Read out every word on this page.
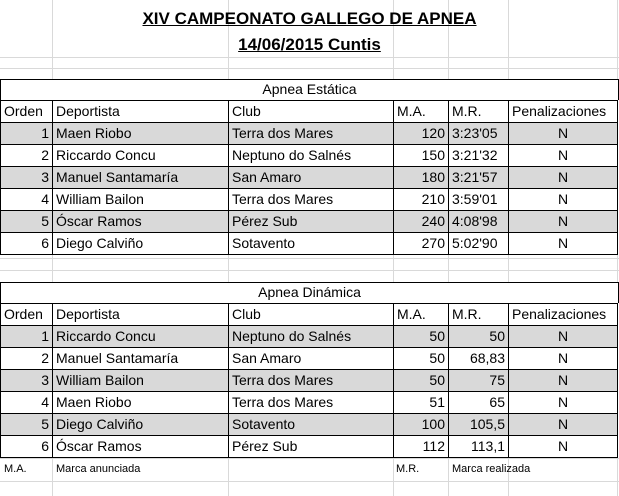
XIV CAMPEONATO GALLEGO DE APNEA
14/06/2015 Cuntis
Apnea Estática
Orden	Deportista	Club	M.A.	M.R.	Penalizaciones
1	Maen Riobo	Terra dos Mares	120	3:23'05	N
2	Riccardo Concu	Neptuno do Salnés	150	3:21'32	N
3	Manuel Santamaría	San Amaro	180	3:21'57	N
4	William Bailon	Terra dos Mares	210	3:59'01	N
5	Óscar Ramos	Pérez Sub	240	4:08'98	N
6	Diego Calviño	Sotavento	270	5:02'90	N
Apnea Dinámica
Orden	Deportista	Club	M.A.	M.R.	Penalizaciones
1	Riccardo Concu	Neptuno do Salnés	50	50	N
2	Manuel Santamaría	San Amaro	50	68,83	N
3	William Bailon	Terra dos Mares	50	75	N
4	Maen Riobo	Terra dos Mares	51	65	N
5	Diego Calviño	Sotavento	100	105,5	N
6	Óscar Ramos	Pérez Sub	112	113,1	N
M.A.	Marca anunciada	M.R.	Marca realizada
